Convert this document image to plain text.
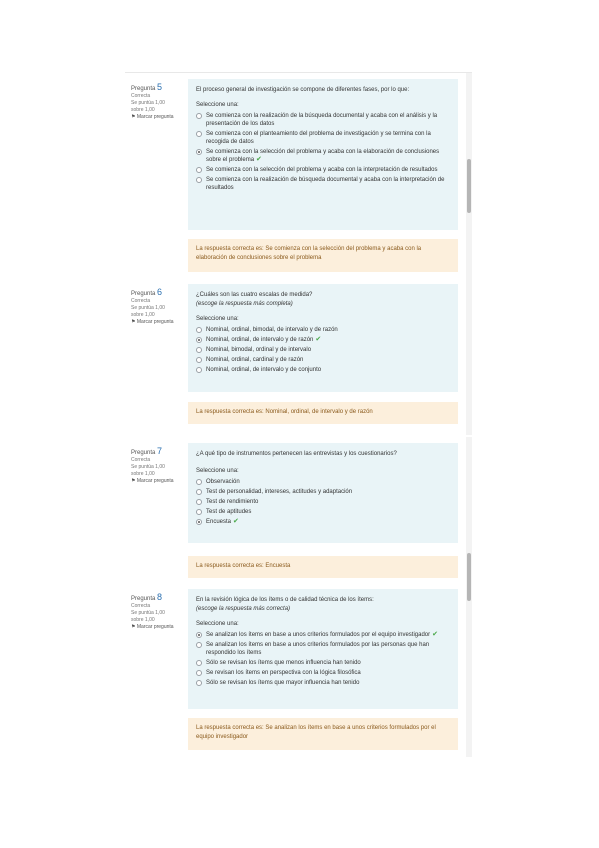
Pregunta 5
Correcta
Se puntúa 1,00
sobre 1,00
⚑ Marcar pregunta
El proceso general de investigación se compone de diferentes fases, por lo que:
Seleccione una:
Se comienza con la realización de la búsqueda documental y acaba con el análisis y la presentación de los datos
Se comienza con el planteamiento del problema de investigación y se termina con la recogida de datos
Se comienza con la selección del problema y acaba con la elaboración de conclusiones sobre el problema ✔
Se comienza con la selección del problema y acaba con la interpretación de resultados
Se comienza con la realización de búsqueda documental y acaba con la interpretación de resultados
La respuesta correcta es: Se comienza con la selección del problema y acaba con la elaboración de conclusiones sobre el problema
Pregunta 6
Correcta
Se puntúa 1,00
sobre 1,00
⚑ Marcar pregunta
¿Cuáles son las cuatro escalas de medida?
(escoge la respuesta más completa)
Seleccione una:
Nominal, ordinal, bimodal, de intervalo y de razón
Nominal, ordinal, de intervalo y de razón ✔
Nominal, bimodal, ordinal y de intervalo
Nominal, ordinal, cardinal y de razón
Nominal, ordinal, de intervalo y de conjunto
La respuesta correcta es: Nominal, ordinal, de intervalo y de razón
Pregunta 7
Correcta
Se puntúa 1,00
sobre 1,00
⚑ Marcar pregunta
¿A qué tipo de instrumentos pertenecen las entrevistas y los cuestionarios?
Seleccione una:
Observación
Test de personalidad, intereses, actitudes y adaptación
Test de rendimiento
Test de aptitudes
Encuesta ✔
La respuesta correcta es: Encuesta
Pregunta 8
Correcta
Se puntúa 1,00
sobre 1,00
⚑ Marcar pregunta
En la revisión lógica de los ítems o de calidad técnica de los ítems:
(escoge la respuesta más correcta)
Seleccione una:
Se analizan los ítems en base a unos criterios formulados por el equipo investigador ✔
Se analizan los ítems en base a unos criterios formulados por las personas que han respondido los ítems
Sólo se revisan los ítems que menos influencia han tenido
Se revisan los ítems en perspectiva con la lógica filosófica
Sólo se revisan los ítems que mayor influencia han tenido
La respuesta correcta es: Se analizan los ítems en base a unos criterios formulados por el equipo investigador
